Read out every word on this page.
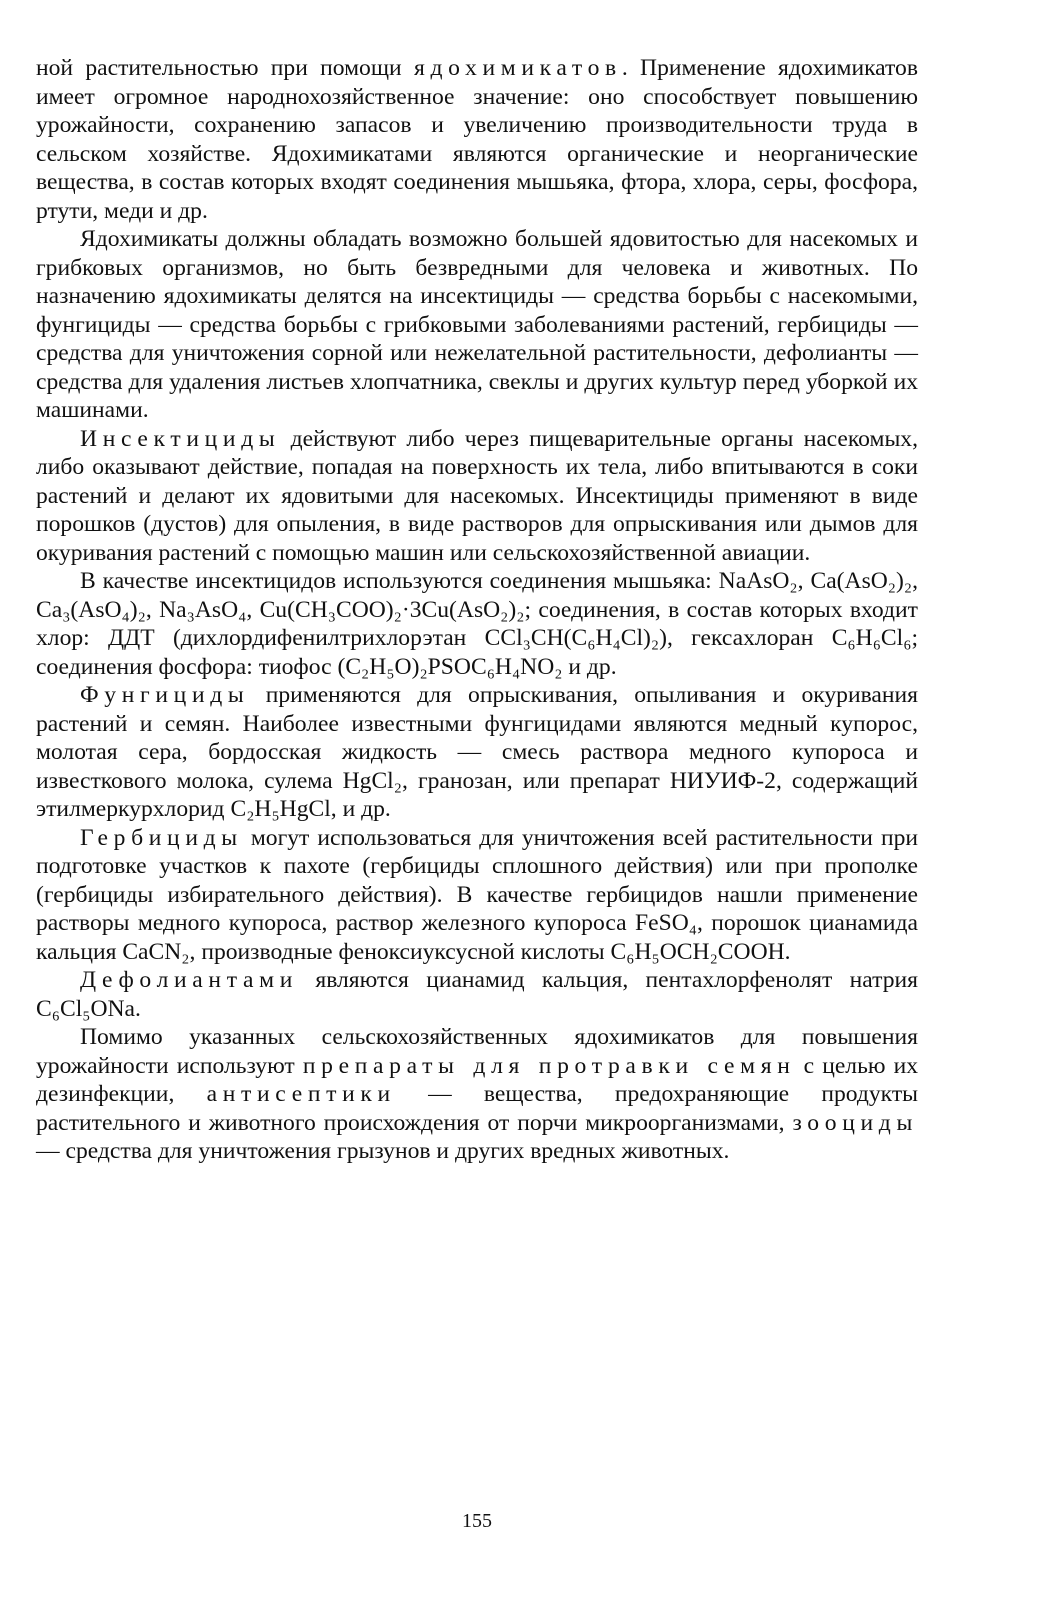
ной растительностью при помощи ядохимикатов. Применение ядохимикатов имеет огромное народнохозяйственное значение: оно способствует повышению урожайности, сохранению запасов и увеличению производительности труда в сельском хозяйстве. Ядохимикатами являются органические и неорганические вещества, в состав которых входят соединения мышьяка, фтора, хлора, серы, фосфора, ртути, меди и др.

Ядохимикаты должны обладать возможно большей ядовитостью для насекомых и грибковых организмов, но быть безвредными для человека и животных. По назначению ядохимикаты делятся на инсектициды — средства борьбы с насекомыми, фунгициды — средства борьбы с грибковыми заболеваниями растений, гербициды — средства для уничтожения сорной или нежелательной растительности, дефолианты — средства для удаления листьев хлопчатника, свеклы и других культур перед уборкой их машинами.

Инсектициды действуют либо через пищеварительные органы насекомых, либо оказывают действие, попадая на поверхность их тела, либо впитываются в соки растений и делают их ядовитыми для насекомых. Инсектициды применяют в виде порошков (дустов) для опыления, в виде растворов для опрыскивания или дымов для окуривания растений с помощью машин или сельскохозяйственной авиации.

В качестве инсектицидов используются соединения мышьяка: NaAsO₂, Ca(AsO₂)₂, Ca₃(AsO₄)₂, Na₃AsO₄, Cu(CH₃COO)₂·3Cu(AsO₂)₂; соединения, в состав которых входит хлор: ДДТ (дихлордифенилтрихлорэтан CCl₃CH(C₆H₄Cl)₂), гексахлоран C₆H₆Cl₆; соединения фосфора: тиофос (C₂H₅O)₂PSOC₆H₄NO₂ и др.

Фунгициды применяются для опрыскивания, опыливания и окуривания растений и семян. Наиболее известными фунгицидами являются медный купорос, молотая сера, бордосская жидкость — смесь раствора медного купороса и известкового молока, сулема HgCl₂, гранозан, или препарат НИУИФ-2, содержащий этилмеркурхлорид C₂H₅HgCl, и др.

Гербициды могут использоваться для уничтожения всей растительности при подготовке участков к пахоте (гербициды сплошного действия) или при прополке (гербициды избирательного действия). В качестве гербицидов нашли применение растворы медного купороса, раствор железного купороса FeSO₄, порошок цианамида кальция CaCN₂, производные феноксиуксусной кислоты C₆H₅OCH₂COOH.

Дефолиантами являются цианамид кальция, пентахлорфенолят натрия C₆Cl₅ONa.

Помимо указанных сельскохозяйственных ядохимикатов для повышения урожайности используют препараты для протравки семян с целью их дезинфекции, антисептики — вещества, предохраняющие продукты растительного и животного происхождения от порчи микроорганизмами, зооциды — средства для уничтожения грызунов и других вредных животных.

155
